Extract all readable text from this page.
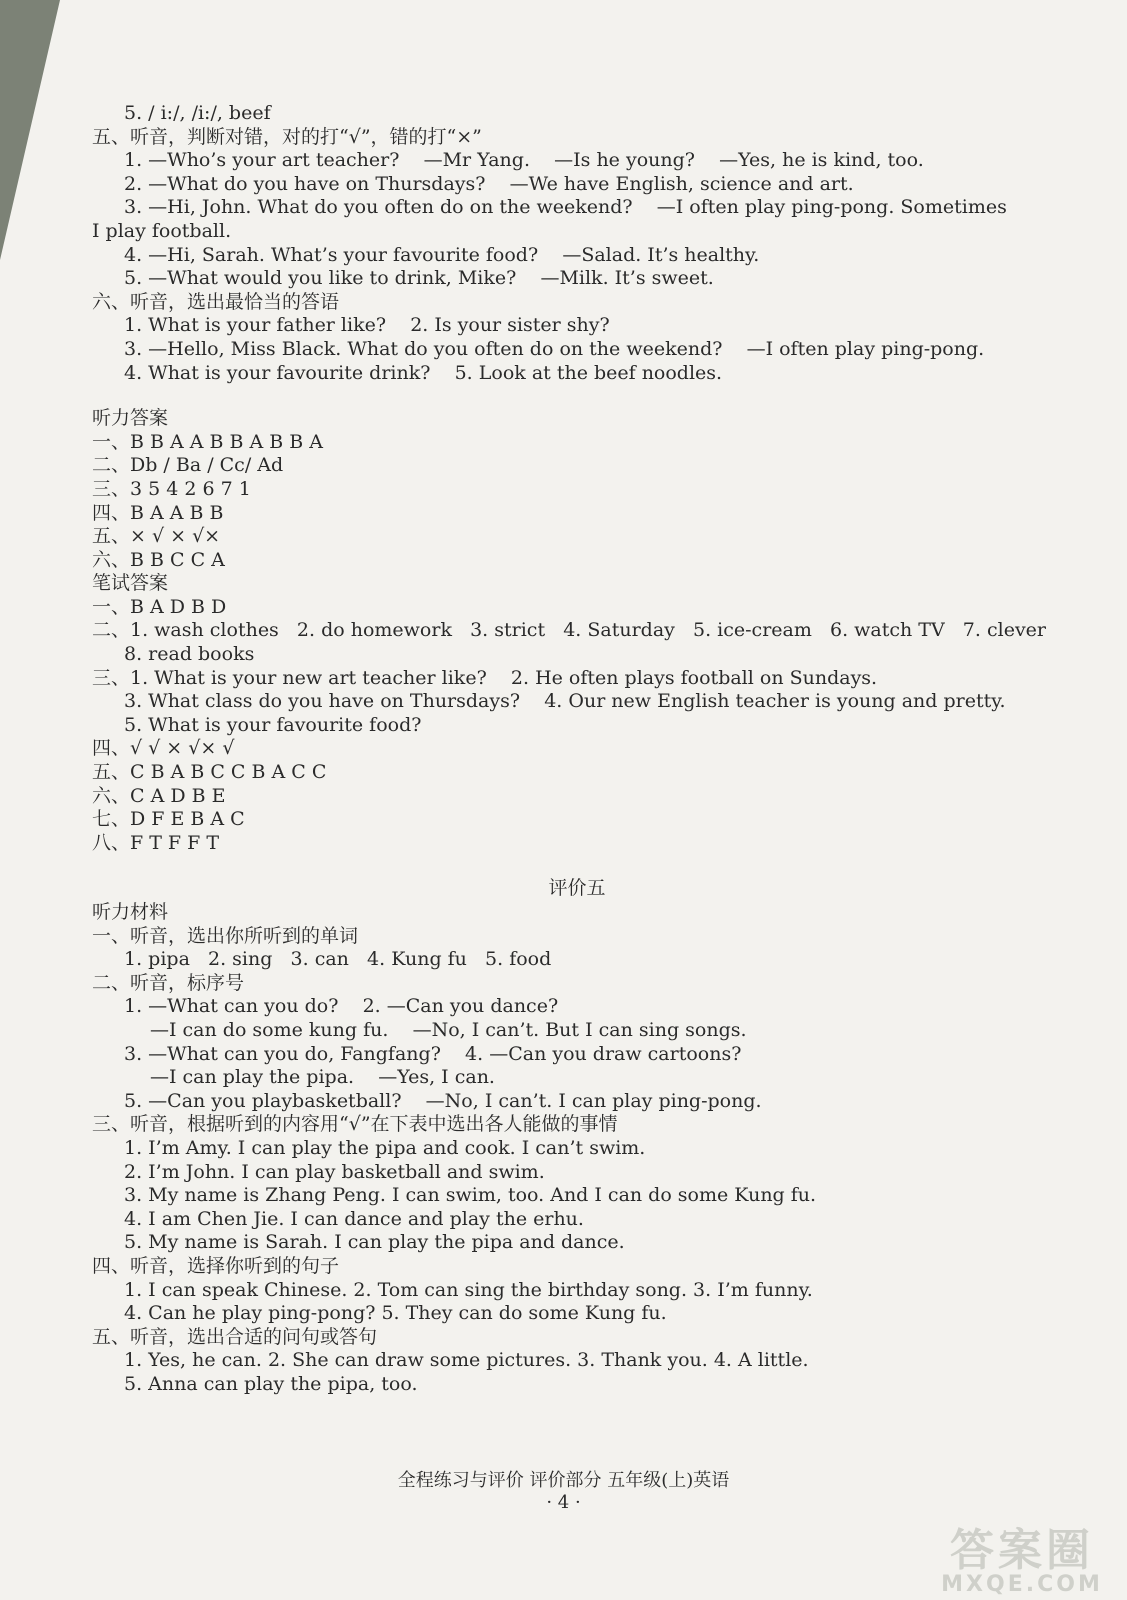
5. / i:/, /i:/, beef
五、听音，判断对错，对的打“√”，错的打“×”
1. —Who’s your art teacher?    —Mr Yang.    —Is he young?    —Yes, he is kind, too.
2. —What do you have on Thursdays?    —We have English, science and art.
3. —Hi, John. What do you often do on the weekend?    —I often play ping-pong. Sometimes
I play football.
4. —Hi, Sarah. What’s your favourite food?    —Salad. It’s healthy.
5. —What would you like to drink, Mike?    —Milk. It’s sweet.
六、听音，选出最恰当的答语
1. What is your father like?    2. Is your sister shy?
3. —Hello, Miss Black. What do you often do on the weekend?    —I often play ping-pong.
4. What is your favourite drink?    5. Look at the beef noodles.
听力答案
一、B B A A B B A B B A
二、Db / Ba / Cc/ Ad
三、3 5 4 2 6 7 1
四、B A A B B
五、× √ × √×
六、B B C C A
笔试答案
一、B A D B D
二、1. wash clothes   2. do homework   3. strict   4. Saturday   5. ice-cream   6. watch TV   7. clever
8. read books
三、1. What is your new art teacher like?    2. He often plays football on Sundays.
3. What class do you have on Thursdays?    4. Our new English teacher is young and pretty.
5. What is your favourite food?
四、√ √ × √× √
五、C B A B C C B A C C
六、C A D B E
七、D F E B A C
八、F T F F T
评价五
听力材料
一、听音，选出你所听到的单词
1. pipa   2. sing   3. can   4. Kung fu   5. food
二、听音，标序号
1. —What can you do?    2. —Can you dance?
—I can do some kung fu.    —No, I can’t. But I can sing songs.
3. —What can you do, Fangfang?    4. —Can you draw cartoons?
—I can play the pipa.    —Yes, I can.
5. —Can you playbasketball?    —No, I can’t. I can play ping-pong.
三、听音，根据听到的内容用“√”在下表中选出各人能做的事情
1. I’m Amy. I can play the pipa and cook. I can’t swim.
2. I’m John. I can play basketball and swim.
3. My name is Zhang Peng. I can swim, too. And I can do some Kung fu.
4. I am Chen Jie. I can dance and play the erhu.
5. My name is Sarah. I can play the pipa and dance.
四、听音，选择你听到的句子
1. I can speak Chinese. 2. Tom can sing the birthday song. 3. I’m funny.
4. Can he play ping-pong? 5. They can do some Kung fu.
五、听音，选出合适的问句或答句
1. Yes, he can. 2. She can draw some pictures. 3. Thank you. 4. A little.
5. Anna can play the pipa, too.
全程练习与评价 评价部分 五年级(上)英语
· 4 ·
答案圈
MXQE.COM
